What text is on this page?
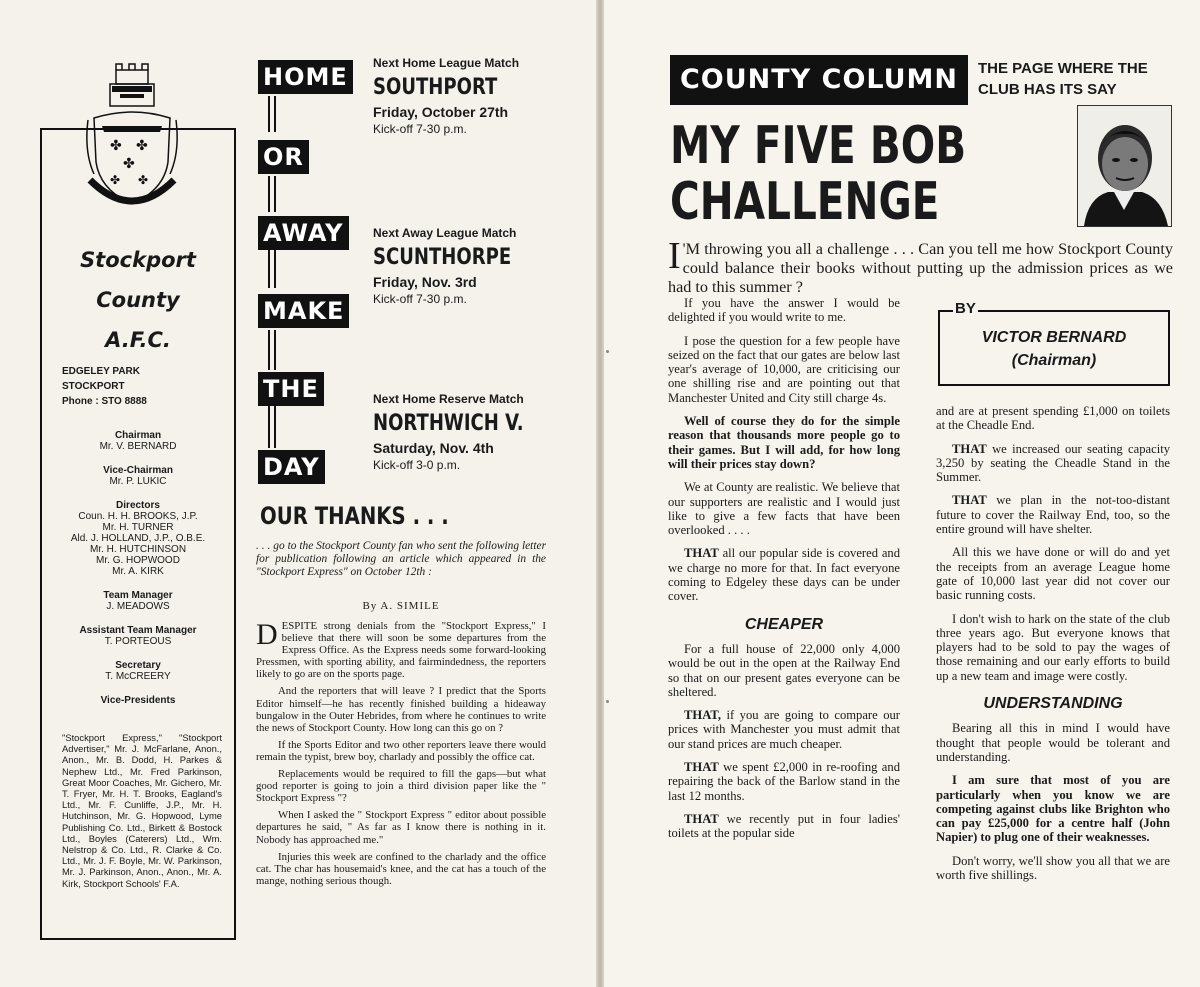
✤ ✤
✤
✤ ✤
Stockport
County
A.F.C.
EDGELEY PARK
STOCKPORT
Phone : STO 8888
Chairman
Mr. V. BERNARD
Vice-Chairman
Mr. P. LUKIC
Directors
Coun. H. H. BROOKS, J.P.
Mr. H. TURNER
Ald. J. HOLLAND, J.P., O.B.E.
Mr. H. HUTCHINSON
Mr. G. HOPWOOD
Mr. A. KIRK
Team Manager
J. MEADOWS
Assistant Team Manager
T. PORTEOUS
Secretary
T. McCREERY
Vice-Presidents
"Stockport Express," "Stockport Advertiser," Mr. J. McFarlane, Anon., Anon., Mr. B. Dodd, H. Parkes & Nephew Ltd., Mr. Fred Parkinson, Great Moor Coaches, Mr. Gichero, Mr. T. Fryer, Mr. H. T. Brooks, Eagland's Ltd., Mr. F. Cunliffe, J.P., Mr. H. Hutchinson, Mr. G. Hopwood, Lyme Publishing Co. Ltd., Birkett & Bostock Ltd., Boyles (Caterers) Ltd., Wm. Nelstrop & Co. Ltd., R. Clarke & Co. Ltd., Mr. J. F. Boyle, Mr. W. Parkinson, Mr. J. Parkinson, Anon., Anon., Mr. A. Kirk, Stockport Schools' F.A.
HOME
OR
AWAY
MAKE
THE
DAY
Next Home League Match
SOUTHPORT
Friday, October 27th
Kick-off 7-30 p.m.
Next Away League Match
SCUNTHORPE
Friday, Nov. 3rd
Kick-off 7-30 p.m.
Next Home Reserve Match
NORTHWICH V.
Saturday, Nov. 4th
Kick-off 3-0 p.m.
OUR THANKS . . .
. . . go to the Stockport County fan who sent the following letter for publication following an article which appeared in the "Stockport Express" on October 12th :
By A. SIMILE

DESPITE strong denials from the "Stockport Express," I believe that there will soon be some departures from the Express Office. As the Express needs some forward-looking Pressmen, with sporting ability, and fairmindedness, the reporters likely to go are on the sports page.

And the reporters that will leave ? I predict that the Sports Editor himself—he has recently finished building a hideaway bungalow in the Outer Hebrides, from where he continues to write the news of Stockport County. How long can this go on ?

If the Sports Editor and two other reporters leave there would remain the typist, brew boy, charlady and possibly the office cat.

Replacements would be required to fill the gaps—but what good reporter is going to join a third division paper like the " Stockport Express "?

When I asked the " Stockport Express " editor about possible departures he said, " As far as I know there is nothing in it. Nobody has approached me."

Injuries this week are confined to the charlady and the office cat. The char has housemaid's knee, and the cat has a touch of the mange, nothing serious though.

COUNTY COLUMN	THE PAGE WHERE THE CLUB HAS ITS SAY
MY FIVE BOB
CHALLENGE
I 'M throwing you all a challenge . . . Can you tell me how Stockport County could balance their books without putting up the admission prices as we had to this summer ?
BY
VICTOR BERNARD
(Chairman)

If you have the answer I would be delighted if you would write to me.

I pose the question for a few people have seized on the fact that our gates are below last year's average of 10,000, are criticising our one shilling rise and are pointing out that Manchester United and City still charge 4s.

Well of course they do for the simple reason that thousands more people go to their games. But I will add, for how long will their prices stay down?

We at County are realistic. We believe that our supporters are realistic and I would just like to give a few facts that have been overlooked . . . .

THAT all our popular side is covered and we charge no more for that. In fact everyone coming to Edgeley these days can be under cover.

CHEAPER

For a full house of 22,000 only 4,000 would be out in the open at the Railway End so that on our present gates everyone can be sheltered.

THAT, if you are going to compare our prices with Manchester you must admit that our stand prices are much cheaper.

THAT we spent £2,000 in re-roofing and repairing the back of the Barlow stand in the last 12 months.

THAT we recently put in four ladies' toilets at the popular side

and are at present spending £1,000 on toilets at the Cheadle End.

THAT we increased our seating capacity 3,250 by seating the Cheadle Stand in the Summer.

THAT we plan in the not-too-distant future to cover the Railway End, too, so the entire ground will have shelter.

All this we have done or will do and yet the receipts from an average League home gate of 10,000 last year did not cover our basic running costs.

I don't wish to hark on the state of the club three years ago. But everyone knows that players had to be sold to pay the wages of those remaining and our early efforts to build up a new team and image were costly.

UNDERSTANDING

Bearing all this in mind I would have thought that people would be tolerant and understanding.

I am sure that most of you are particularly when you know we are competing against clubs like Brighton who can pay £25,000 for a centre half (John Napier) to plug one of their weaknesses.

Don't worry, we'll show you all that we are worth five shillings.
